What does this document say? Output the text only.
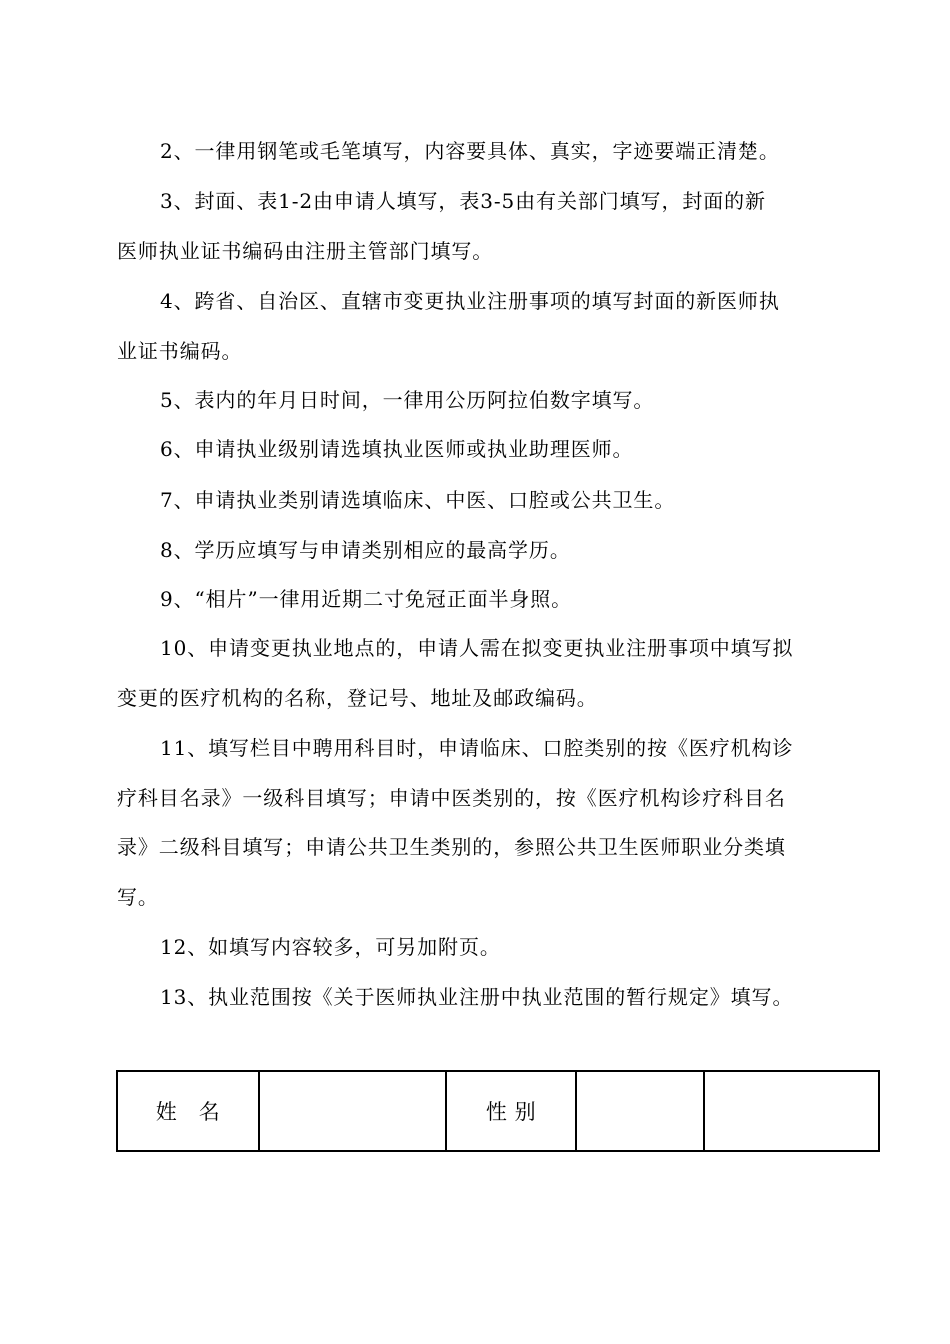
2、一律用钢笔或毛笔填写，内容要具体、真实，字迹要端正清楚。
3、封面、表1-2由申请人填写，表3-5由有关部门填写，封面的新
医师执业证书编码由注册主管部门填写。
4、跨省、自治区、直辖市变更执业注册事项的填写封面的新医师执
业证书编码。
5、表内的年月日时间，一律用公历阿拉伯数字填写。
6、申请执业级别请选填执业医师或执业助理医师。
7、申请执业类别请选填临床、中医、口腔或公共卫生。
8、学历应填写与申请类别相应的最高学历。
9、“相片”一律用近期二寸免冠正面半身照。
10、申请变更执业地点的，申请人需在拟变更执业注册事项中填写拟
变更的医疗机构的名称，登记号、地址及邮政编码。
11、填写栏目中聘用科目时，申请临床、口腔类别的按《医疗机构诊
疗科目名录》一级科目填写；申请中医类别的，按《医疗机构诊疗科目名
录》二级科目填写；申请公共卫生类别的，参照公共卫生医师职业分类填
写。
12、如填写内容较多，可另加附页。
13、执业范围按《关于医师执业注册中执业范围的暂行规定》填写。
姓　名		性 别		
